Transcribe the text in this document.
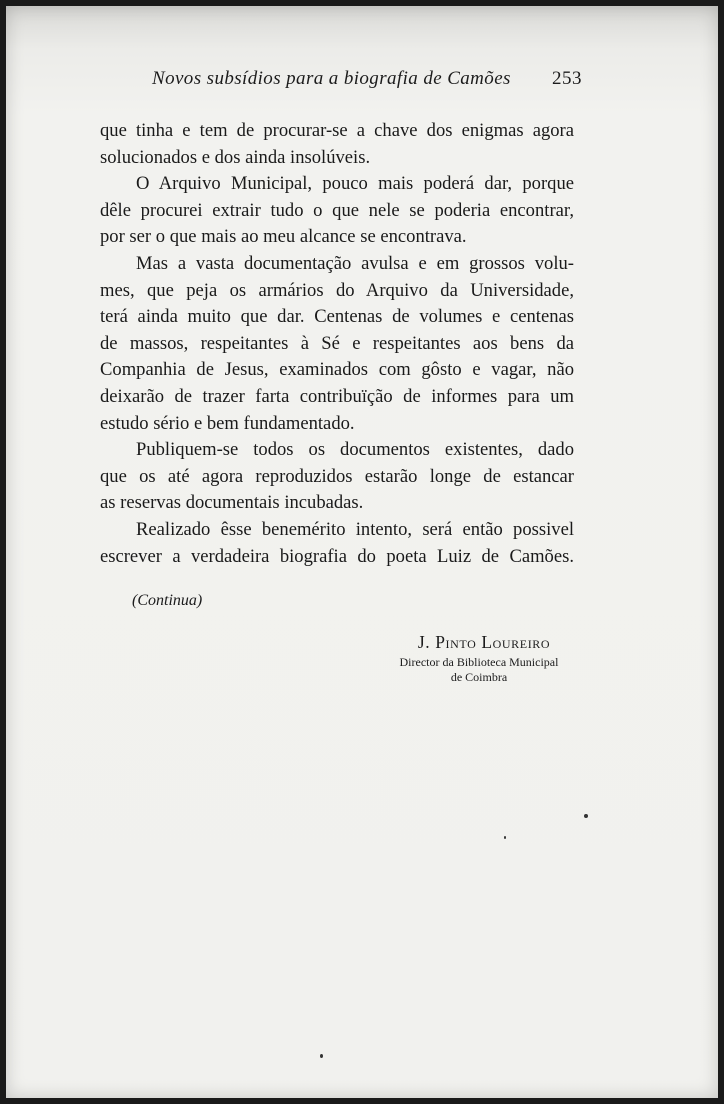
Novos subsídios para a biografia de Camões 253
que tinha e tem de procurar-se a chave dos enigmas agora
solucionados e dos ainda insolúveis.
O Arquivo Municipal, pouco mais poderá dar, porque
dêle procurei extrair tudo o que nele se poderia encontrar,
por ser o que mais ao meu alcance se encontrava.
Mas a vasta documentação avulsa e em grossos volu-
mes, que peja os armários do Arquivo da Universidade,
terá ainda muito que dar. Centenas de volumes e centenas
de massos, respeitantes à Sé e respeitantes aos bens da
Companhia de Jesus, examinados com gôsto e vagar, não
deixarão de trazer farta contribuïção de informes para um
estudo sério e bem fundamentado.
Publiquem-se todos os documentos existentes, dado
que os até agora reproduzidos estarão longe de estancar
as reservas documentais incubadas.
Realizado êsse benemérito intento, será então possivel
escrever a verdadeira biografia do poeta Luiz de Camões.
(Continua)
J. Pinto Loureiro
Director da Biblioteca Municipal
de Coimbra
